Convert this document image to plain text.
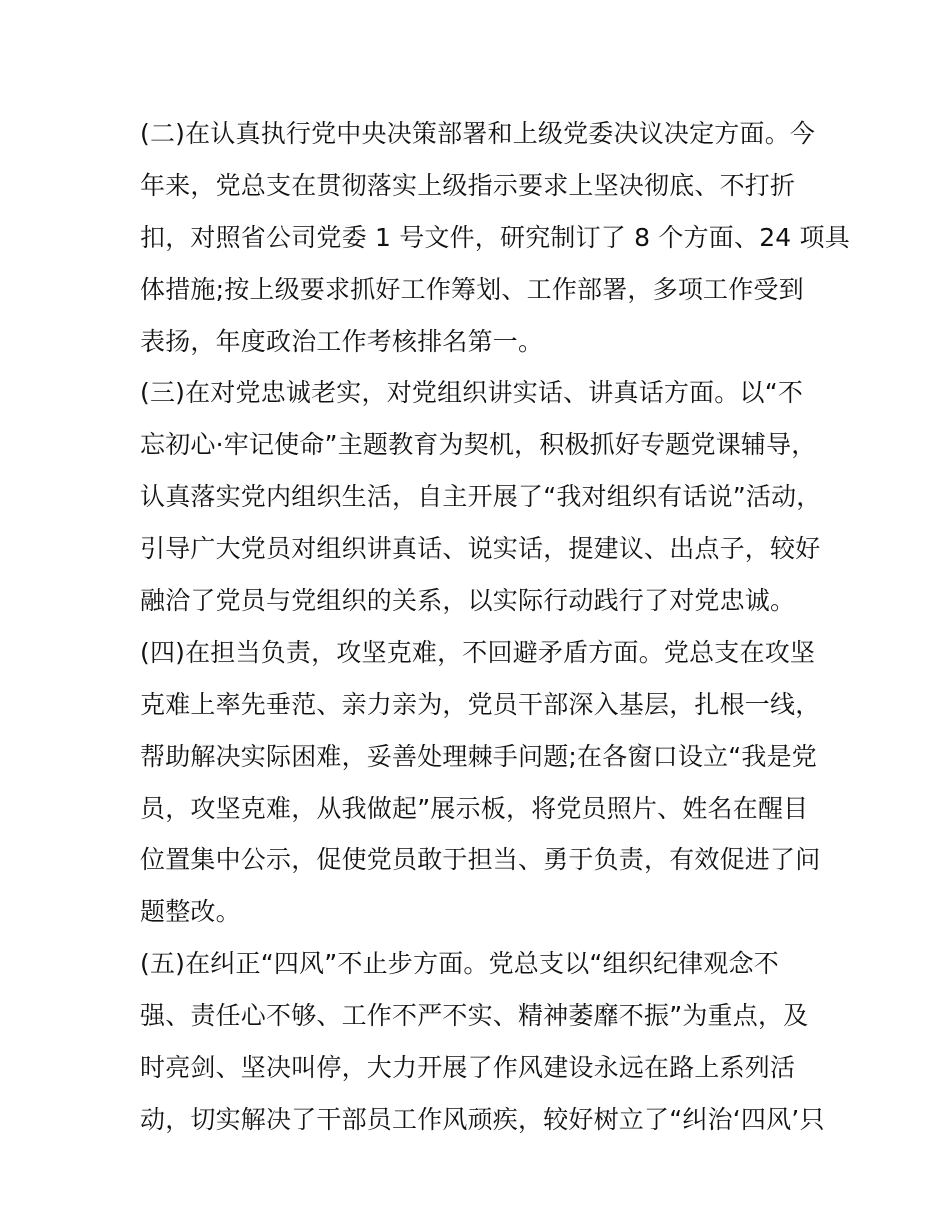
(二)在认真执行党中央决策部署和上级党委决议决定方面。今
年来，党总支在贯彻落实上级指示要求上坚决彻底、不打折
扣，对照省公司党委 1 号文件，研究制订了 8 个方面、24 项具
体措施;按上级要求抓好工作筹划、工作部署，多项工作受到
表扬，年度政治工作考核排名第一。
(三)在对党忠诚老实，对党组织讲实话、讲真话方面。以“不
忘初心·牢记使命”主题教育为契机，积极抓好专题党课辅导，
认真落实党内组织生活，自主开展了“我对组织有话说”活动，
引导广大党员对组织讲真话、说实话，提建议、出点子，较好
融洽了党员与党组织的关系，以实际行动践行了对党忠诚。
(四)在担当负责，攻坚克难，不回避矛盾方面。党总支在攻坚
克难上率先垂范、亲力亲为，党员干部深入基层，扎根一线，
帮助解决实际困难，妥善处理棘手问题;在各窗口设立“我是党
员，攻坚克难，从我做起”展示板，将党员照片、姓名在醒目
位置集中公示，促使党员敢于担当、勇于负责，有效促进了问
题整改。
(五)在纠正“四风”不止步方面。党总支以“组织纪律观念不
强、责任心不够、工作不严不实、精神萎靡不振”为重点，及
时亮剑、坚决叫停，大力开展了作风建设永远在路上系列活
动，切实解决了干部员工作风顽疾，较好树立了“纠治‘四风’只
